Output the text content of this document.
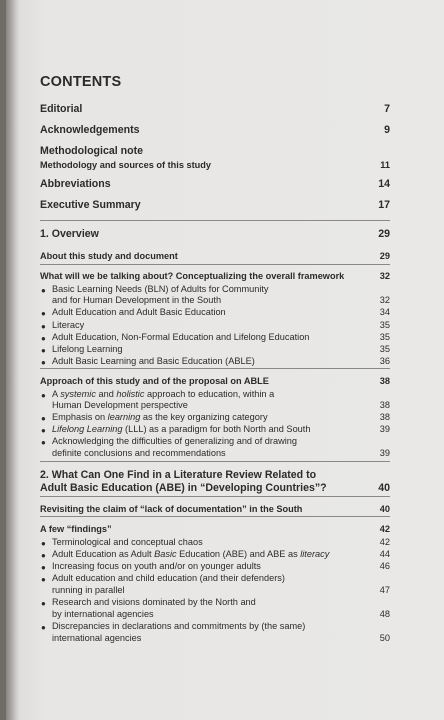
CONTENTS
Editorial	7
Acknowledgements	9
Methodological note
Methodology and sources of this study	11
Abbreviations	14
Executive Summary	17
1. Overview	29
About this study and document	29
What will we be talking about? Conceptualizing the overall framework	32
● Basic Learning Needs (BLN) of Adults for Community
and for Human Development in the South	32
● Adult Education and Adult Basic Education	34
● Literacy	35
● Adult Education, Non-Formal Education and Lifelong Education	35
● Lifelong Learning	35
● Adult Basic Learning and Basic Education (ABLE)	36
Approach of this study and of the proposal on ABLE	38
● A systemic and holistic approach to education, within a
Human Development perspective	38
● Emphasis on learning as the key organizing category	38
● Lifelong Learning (LLL) as a paradigm for both North and South	39
● Acknowledging the difficulties of generalizing and of drawing
definite conclusions and recommendations	39
2. What Can One Find in a Literature Review Related to
Adult Basic Education (ABE) in “Developing Countries”?	40
Revisiting the claim of “lack of documentation” in the South	40
A few “findings”	42
● Terminological and conceptual chaos	42
● Adult Education as Adult Basic Education (ABE) and ABE as literacy	44
● Increasing focus on youth and/or on younger adults	46
● Adult education and child education (and their defenders)
running in parallel	47
● Research and visions dominated by the North and
by international agencies	48
● Discrepancies in declarations and commitments by (the same)
international agencies	50
